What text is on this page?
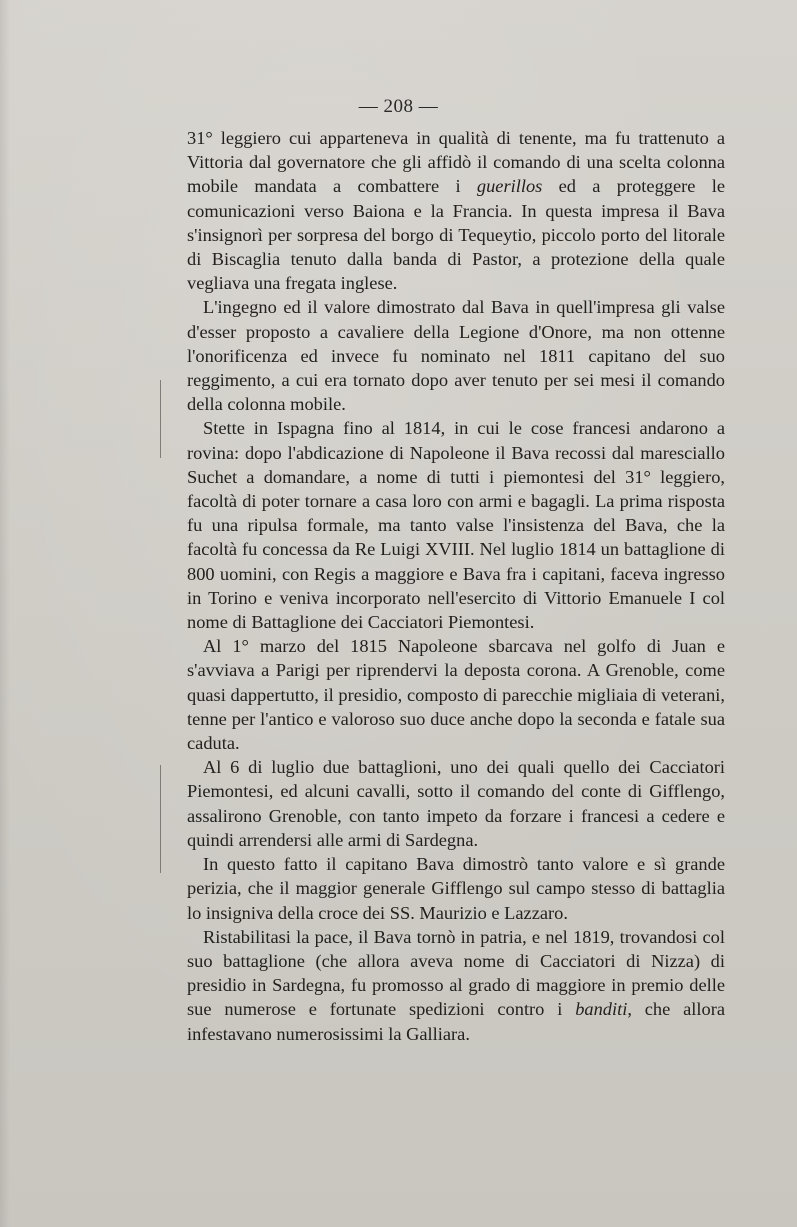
— 208 —

31° leggiero cui apparteneva in qualità di tenente, ma fu trattenuto a Vittoria dal governatore che gli affidò il comando di una scelta colonna mobile mandata a combattere i guerillos ed a proteggere le comunicazioni verso Baiona e la Francia. In questa impresa il Bava s'insignorì per sorpresa del borgo di Tequeytio, piccolo porto del litorale di Biscaglia tenuto dalla banda di Pastor, a protezione della quale vegliava una fregata inglese.

L'ingegno ed il valore dimostrato dal Bava in quell'impresa gli valse d'esser proposto a cavaliere della Legione d'Onore, ma non ottenne l'onorificenza ed invece fu nominato nel 1811 capitano del suo reggimento, a cui era tornato dopo aver tenuto per sei mesi il comando della colonna mobile.

Stette in Ispagna fino al 1814, in cui le cose francesi andarono a rovina: dopo l'abdicazione di Napoleone il Bava recossi dal maresciallo Suchet a domandare, a nome di tutti i piemontesi del 31° leggiero, facoltà di poter tornare a casa loro con armi e bagagli. La prima risposta fu una ripulsa formale, ma tanto valse l'insistenza del Bava, che la facoltà fu concessa da Re Luigi XVIII. Nel luglio 1814 un battaglione di 800 uomini, con Regis a maggiore e Bava fra i capitani, faceva ingresso in Torino e veniva incorporato nell'esercito di Vittorio Emanuele I col nome di Battaglione dei Cacciatori Piemontesi.

Al 1° marzo del 1815 Napoleone sbarcava nel golfo di Juan e s'avviava a Parigi per riprendervi la deposta corona. A Grenoble, come quasi dappertutto, il presidio, composto di parecchie migliaia di veterani, tenne per l'antico e valoroso suo duce anche dopo la seconda e fatale sua caduta.

Al 6 di luglio due battaglioni, uno dei quali quello dei Cacciatori Piemontesi, ed alcuni cavalli, sotto il comando del conte di Gifflengo, assalirono Grenoble, con tanto impeto da forzare i francesi a cedere e quindi arrendersi alle armi di Sardegna.

In questo fatto il capitano Bava dimostrò tanto valore e sì grande perizia, che il maggior generale Gifflengo sul campo stesso di battaglia lo insigniva della croce dei SS. Maurizio e Lazzaro.

Ristabilitasi la pace, il Bava tornò in patria, e nel 1819, trovandosi col suo battaglione (che allora aveva nome di Cacciatori di Nizza) di presidio in Sardegna, fu promosso al grado di maggiore in premio delle sue numerose e fortunate spedizioni contro i banditi, che allora infestavano numerosissimi la Galliara.
